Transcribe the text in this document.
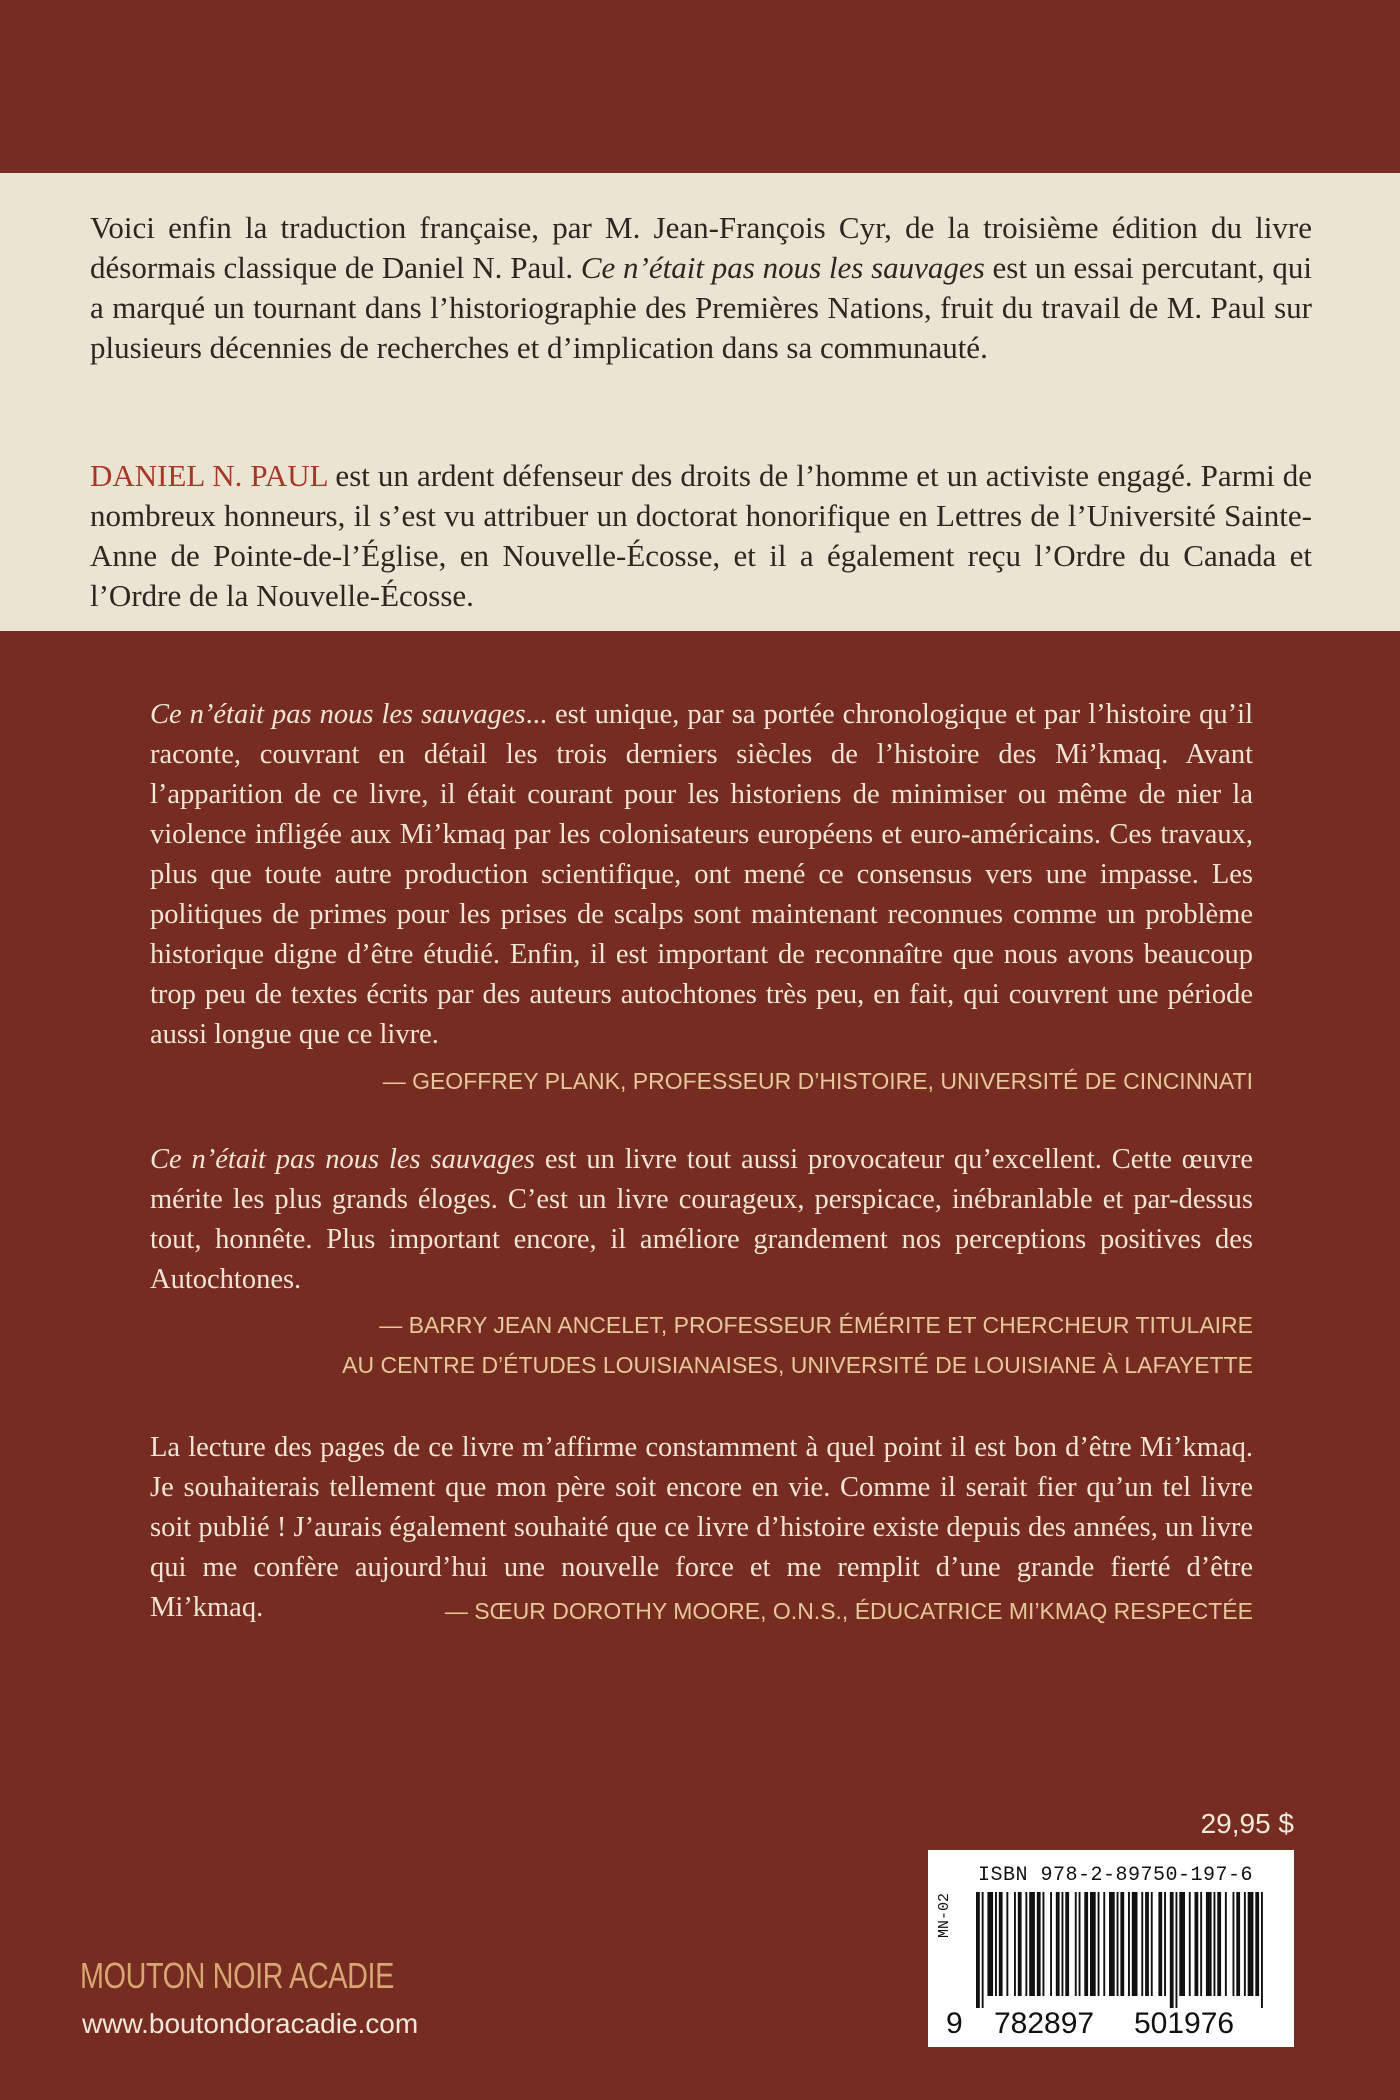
Voici enfin la traduction française, par M. Jean-François Cyr, de la troisième édition du livre désormais classique de Daniel N. Paul. Ce n’était pas nous les sauvages est un essai percutant, qui a marqué un tournant dans l’historiographie des Premières Nations, fruit du travail de M. Paul sur plusieurs décennies de recherches et d’implication dans sa communauté.

DANIEL N. PAUL est un ardent défenseur des droits de l’homme et un activiste engagé. Parmi de nombreux honneurs, il s’est vu attribuer un doctorat honorifique en Lettres de l’Université Sainte-Anne de Pointe-de-l’Église, en Nouvelle-Écosse, et il a également reçu l’Ordre du Canada et l’Ordre de la Nouvelle-Écosse.

Ce n’était pas nous les sauvages... est unique, par sa portée chronologique et par l’histoire qu’il raconte, couvrant en détail les trois derniers siècles de l’histoire des Mi’kmaq. Avant l’apparition de ce livre, il était courant pour les historiens de minimiser ou même de nier la violence infligée aux Mi’kmaq par les colonisateurs européens et euro-américains. Ces travaux, plus que toute autre production scientifique, ont mené ce consensus vers une impasse. Les politiques de primes pour les prises de scalps sont maintenant reconnues comme un problème historique digne d’être étudié. Enfin, il est important de reconnaître que nous avons beaucoup trop peu de textes écrits par des auteurs autochtones très peu, en fait, qui couvrent une période aussi longue que ce livre.

— GEOFFREY PLANK, PROFESSEUR D’HISTOIRE, UNIVERSITÉ DE CINCINNATI

Ce n’était pas nous les sauvages est un livre tout aussi provocateur qu’excellent. Cette œuvre mérite les plus grands éloges. C’est un livre courageux, perspicace, inébranlable et par-dessus tout, honnête. Plus important encore, il améliore grandement nos perceptions positives des Autochtones.

— BARRY JEAN ANCELET, PROFESSEUR ÉMÉRITE ET CHERCHEUR TITULAIRE

AU CENTRE D’ÉTUDES LOUISIANAISES, UNIVERSITÉ DE LOUISIANE À LAFAYETTE

La lecture des pages de ce livre m’affirme constamment à quel point il est bon d’être Mi’kmaq. Je souhaiterais tellement que mon père soit encore en vie. Comme il serait fier qu’un tel livre soit publié ! J’aurais également souhaité que ce livre d’histoire existe depuis des années, un livre qui me confère aujourd’hui une nouvelle force et me remplit d’une grande fierté d’être Mi’kmaq.	— SŒUR DOROTHY MOORE, O.N.S., ÉDUCATRICE MI’KMAQ RESPECTÉE

29,95 $
ISBN 978-2-89750-197-6
MN-02
9 782897 501976
MOUTON NOIR ACADIE
www.boutondoracadie.com
